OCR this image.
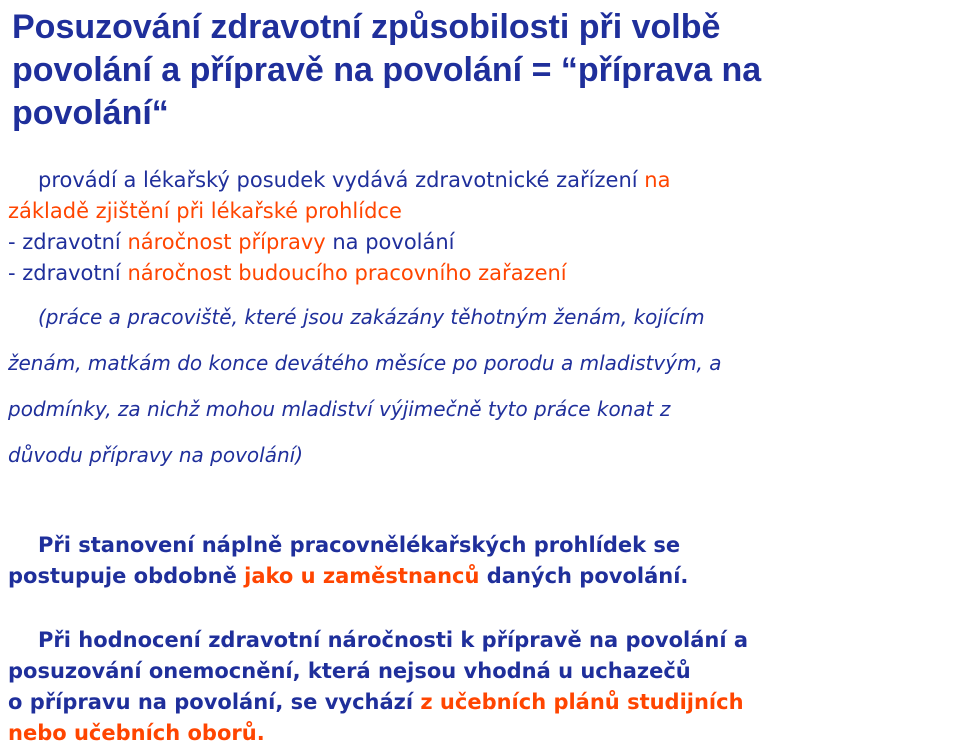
Posuzování zdravotní způsobilosti při volbě
povolání a přípravě na povolání = “příprava na
povolání“
provádí a lékařský posudek vydává zdravotnické zařízení na
základě zjištění při lékařské prohlídce
- zdravotní náročnost přípravy na povolání
- zdravotní náročnost budoucího pracovního zařazení
(práce a pracoviště, které jsou zakázány těhotným ženám, kojícím
ženám, matkám do konce devátého měsíce po porodu a mladistvým, a
podmínky, za nichž mohou mladiství výjimečně tyto práce konat z
důvodu přípravy na povolání)
Při stanovení náplně pracovnělékařských prohlídek se
postupuje obdobně jako u zaměstnanců daných povolání.
Při hodnocení zdravotní náročnosti k přípravě na povolání a
posuzování onemocnění, která nejsou vhodná u uchazečů
o přípravu na povolání, se vychází z učebních plánů studijních
nebo učebních oborů.
